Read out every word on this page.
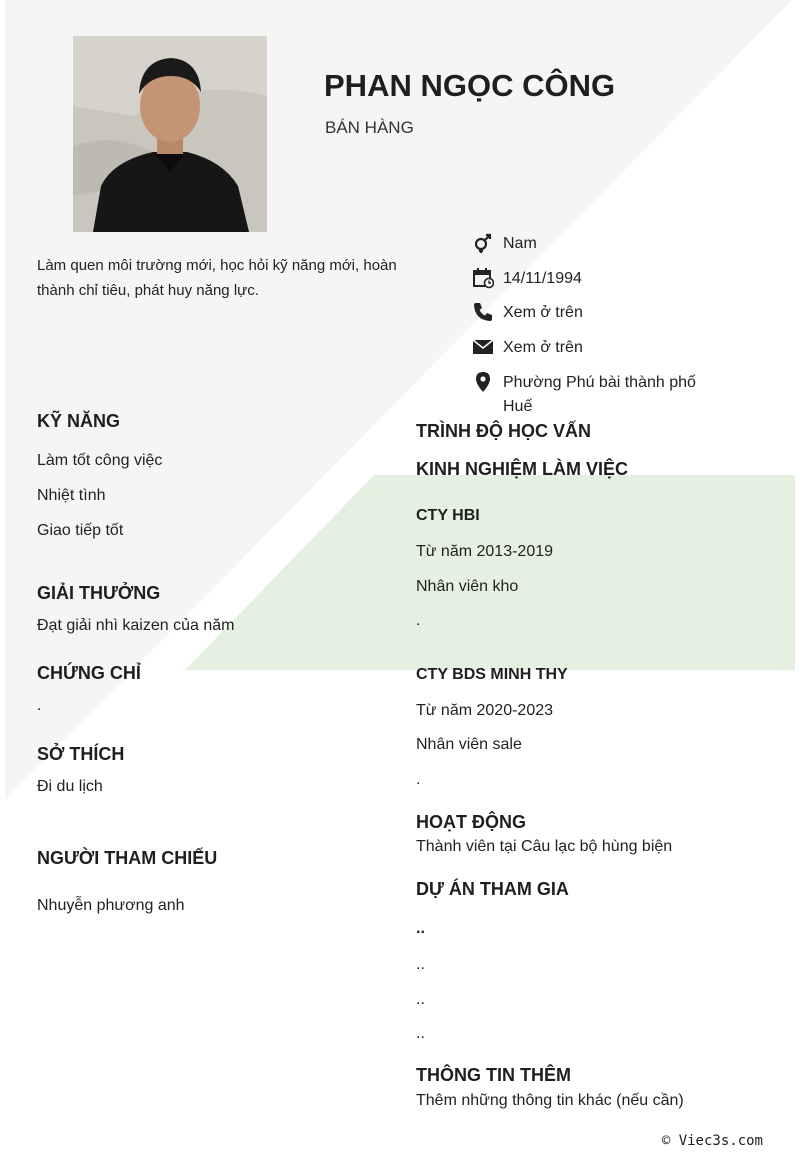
PHAN NGỌC CÔNG
BÁN HÀNG
Làm quen môi trường mới, học hỏi kỹ năng mới, hoàn thành chỉ tiêu, phát huy năng lực.
Nam
14/11/1994
Xem ở trên
Xem ở trên
Phường Phú bài thành phố
Huế
KỸ NĂNG
Làm tốt công việc
Nhiệt tình
Giao tiếp tốt
GIẢI THƯỞNG
Đạt giải nhì kaizen của năm
CHỨNG CHỈ
.
SỞ THÍCH
Đi du lịch
NGƯỜI THAM CHIẾU
Nhuyễn phương anh
TRÌNH ĐỘ HỌC VẤN
KINH NGHIỆM LÀM VIỆC
CTY HBI
Từ năm 2013-2019
Nhân viên kho
.
CTY BDS MINH THY
Từ năm 2020-2023
Nhân viên sale
.
HOẠT ĐỘNG
Thành viên tại Câu lạc bộ hùng biện
DỰ ÁN THAM GIA
..
..
..
..
THÔNG TIN THÊM
Thêm những thông tin khác (nếu cần)
© Viec3s.com
